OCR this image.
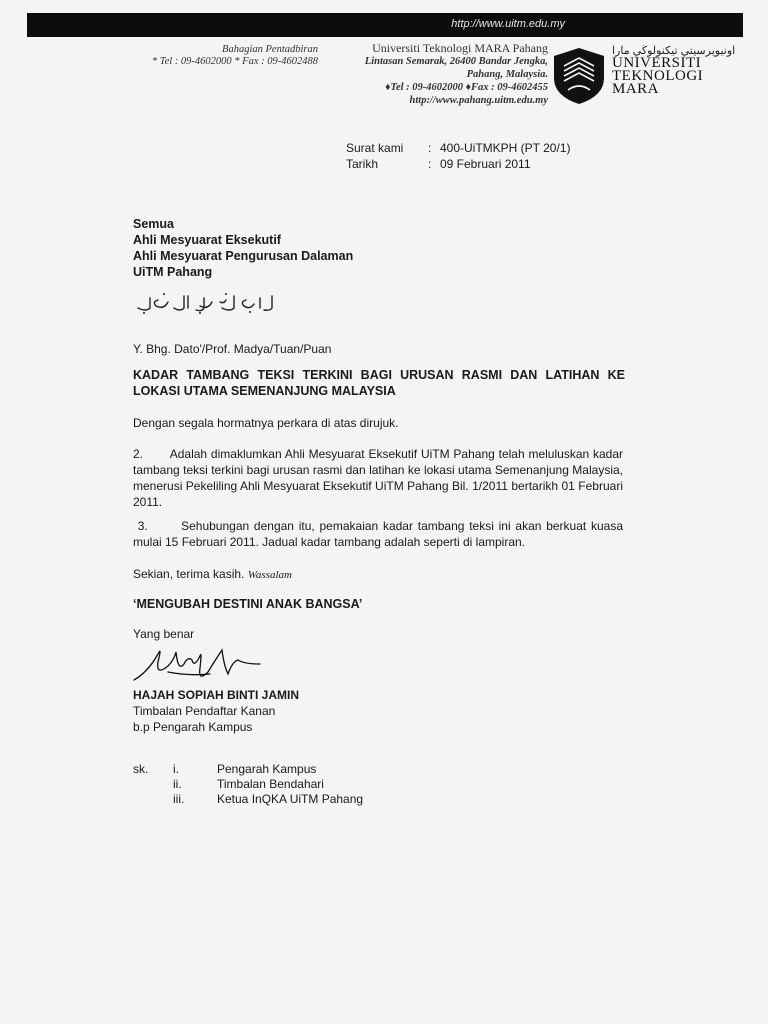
http://www.uitm.edu.my
Bahagian Pentadbiran
* Tel : 09-4602000 * Fax : 09-4602488
Universiti Teknologi MARA Pahang
Lintasan Semarak, 26400 Bandar Jengka,
Pahang, Malaysia.
♦Tel : 09-4602000 ♦Fax : 09-4602455
http://www.pahang.uitm.edu.my
اونيويرسيتي تيكنولوڬي مارا
UNIVERSITI
TEKNOLOGI
MARA
Surat kami	: 400-UiTMKPH (PT 20/1)
Tarikh	: 09 Februari 2011
Semua
Ahli Mesyuarat Eksekutif
Ahli Mesyuarat Pengurusan Dalaman
UiTM Pahang
Y. Bhg. Dato'/Prof. Madya/Tuan/Puan
KADAR TAMBANG TEKSI TERKINI BAGI URUSAN RASMI DAN LATIHAN KE LOKASI UTAMA SEMENANJUNG MALAYSIA
Dengan segala hormatnya perkara di atas dirujuk.
2.       Adalah dimaklumkan Ahli Mesyuarat Eksekutif UiTM Pahang telah meluluskan kadar tambang teksi terkini bagi urusan rasmi dan latihan ke lokasi utama Semenanjung Malaysia, menerusi Pekeliling Ahli Mesyuarat Eksekutif UiTM Pahang Bil. 1/2011 bertarikh 01 Februari 2011.
3.       Sehubungan dengan itu, pemakaian kadar tambang teksi ini akan berkuat kuasa mulai 15 Februari 2011. Jadual kadar tambang adalah seperti di lampiran.
Sekian, terima kasih. Wassalam
‘MENGUBAH DESTINI ANAK BANGSA’
Yang benar
HAJAH SOPIAH BINTI JAMIN
Timbalan Pendaftar Kanan
b.p Pengarah Kampus
sk.	i.	Pengarah Kampus
ii.	Timbalan Bendahari
iii.	Ketua InQKA UiTM Pahang
